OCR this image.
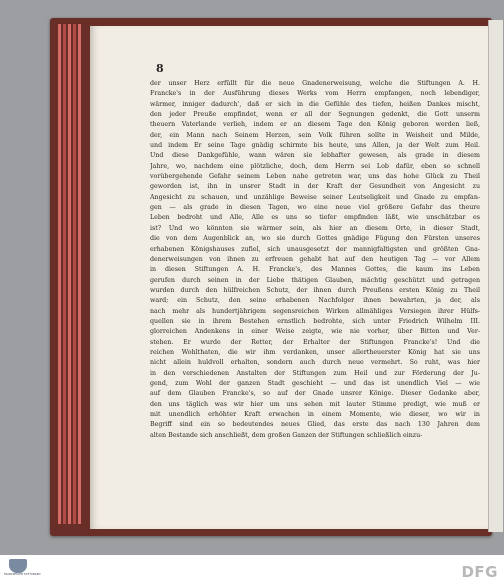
8
der unser Herz erfüllt für die neue Gnadenerweisung, welche die Stiftungen A. H.
Francke's in der Ausführung dieses Werks vom Herrn empfangen, noch lebendiger,
wärmer, inniger dadurch', daß er sich in die Gefühle des tiefen, heißen Dankes mischt,
den jeder Preuße empfindet, wenn er all der Segnungen gedenkt, die Gott unserm
theuern Vaterlande verlieh, indem er an diesem Tage den König geboren werden ließ,
der, ein Mann nach Seinem Herzen, sein Volk führen sollte in Weisheit und Milde,
und indem Er seine Tage gnädig schirmte bis heute, uns Allen, ja der Welt zum Heil.
Und diese Dankgefühle, wann wären sie lebhafter gewesen, als grade in diesem
Jahre, wo, nachdem eine plötzliche, doch, dem Herrn sei Lob dafür, eben so schnell
vorübergehende Gefahr seinem Leben nahe getreten war, uns das hohe Glück zu Theil
geworden ist, ihn in unsrer Stadt in der Kraft der Gesundheit von Angesicht zu
Angesicht zu schauen, und unzählige Beweise seiner Leutseligkeit und Gnade zu empfan-
gen — als grade in diesen Tagen, wo eine neue viel größere Gefahr das theure
Leben bedroht und Alle, Alle es uns so tiefer empfinden läßt, wie unschätzbar es
ist? Und wo könnten sie wärmer sein, als hier an diesem Orte, in dieser Stadt,
die von dem Augenblick an, wo sie durch Gottes gnädige Fügung den Fürsten unseres
erhabenen Königshauses zufiel, sich unausgesetzt der mannigfaltigsten und größten Gna-
denerweisungen von ihnen zu erfreuen gehabt hat auf den heutigen Tag — vor Allem
in diesen Stiftungen A. H. Francke's, des Mannes Gottes, die kaum ins Leben
gerufen durch seinen in der Liebe thätigen Glauben, mächtig geschützt und getragen
wurden durch den hülfreichen Schutz, der ihnen durch Preußens ersten König zu Theil
ward; ein Schutz, den seine erhabenen Nachfolger ihnen bewahrten, ja der, als
nach mehr als hundertjährigem segensreichen Wirken allmähliges Versiegen ihrer Hülfs-
quellen sie in ihrem Bestehen ernstlich bedrohte, sich unter Friedrich Wilhelm III.
glorreichen Andenkens in einer Weise zeigte, wie nie vorher, über Bitten und Ver-
stehen. Er wurde der Retter, der Erhalter der Stiftungen Francke's! Und die
reichen Wohlthaten, die wir ihm verdanken, unser allertheuerster König hat sie uns
nicht allein huldvoll erhalten, sondern auch durch neue vermehrt. So ruht, was hier
in den verschiedenen Anstalten der Stiftungen zum Heil und zur Förderung der Ju-
gend, zum Wohl der ganzen Stadt geschieht — und das ist unendlich Viel — wie
auf dem Glauben Francke's, so auf der Gnade unsrer Könige. Dieser Gedanke aber,
den uns täglich was wir hier um uns sehen mit lauter Stimme predigt, wie muß er
mit unendlich erhöhter Kraft erwachen in einem Momente, wie dieser, wo wir in
Begriff sind ein so bedeutendes neues Glied, das erste das nach 130 Jahren dem
alten Bestande sich anschließt, dem großen Ganzen der Stiftungen schließlich einzu-
FRANCKESCHE STIFTUNGEN	DFG
